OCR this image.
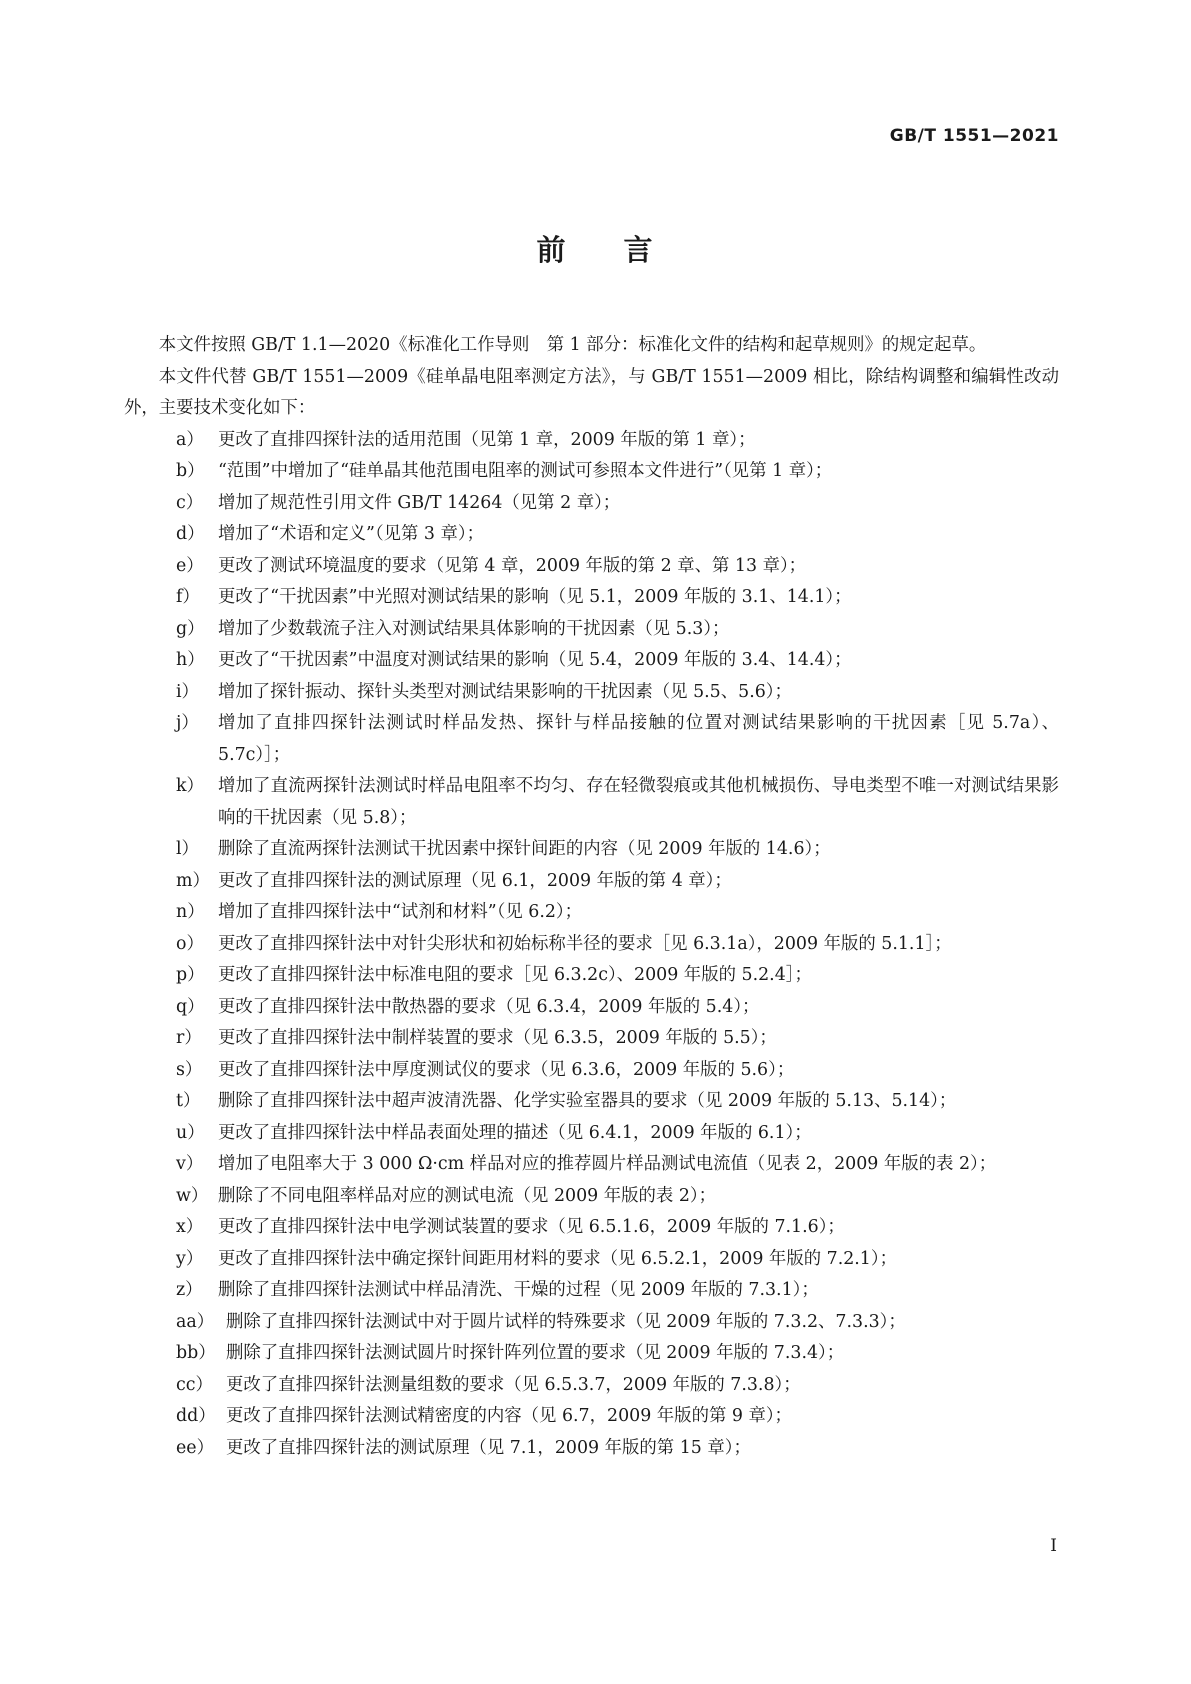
GB/T 1551—2021
前 言

本文件按照 GB/T 1.1—2020《标准化工作导则　第 1 部分：标准化文件的结构和起草规则》的规定起草。

本文件代替 GB/T 1551—2009《硅单晶电阻率测定方法》，与 GB/T 1551—2009 相比，除结构调整和编辑性改动外，主要技术变化如下：

a） 更改了直排四探针法的适用范围（见第 1 章，2009 年版的第 1 章）；
b） “范围”中增加了“硅单晶其他范围电阻率的测试可参照本文件进行”（见第 1 章）；
c） 增加了规范性引用文件 GB/T 14264（见第 2 章）；
d） 增加了“术语和定义”（见第 3 章）；
e） 更改了测试环境温度的要求（见第 4 章，2009 年版的第 2 章、第 13 章）；
f）	更改了“干扰因素”中光照对测试结果的影响（见 5.1，2009 年版的 3.1、14.1）；
g） 增加了少数载流子注入对测试结果具体影响的干扰因素（见 5.3）；
h） 更改了“干扰因素”中温度对测试结果的影响（见 5.4，2009 年版的 3.4、14.4）；
i）	增加了探针振动、探针头类型对测试结果影响的干扰因素（见 5.5、5.6）；
j）	增加了直排四探针法测试时样品发热、探针与样品接触的位置对测试结果影响的干扰因素［见 5.7a）、5.7c）］；
k） 增加了直流两探针法测试时样品电阻率不均匀、存在轻微裂痕或其他机械损伤、导电类型不唯一对测试结果影响的干扰因素（见 5.8）；
l）	删除了直流两探针法测试干扰因素中探针间距的内容（见 2009 年版的 14.6）；
m） 更改了直排四探针法的测试原理（见 6.1，2009 年版的第 4 章）；
n） 增加了直排四探针法中“试剂和材料”（见 6.2）；
o） 更改了直排四探针法中对针尖形状和初始标称半径的要求［见 6.3.1a），2009 年版的 5.1.1］；
p） 更改了直排四探针法中标准电阻的要求［见 6.3.2c）、2009 年版的 5.2.4］；
q） 更改了直排四探针法中散热器的要求（见 6.3.4，2009 年版的 5.4）；
r） 更改了直排四探针法中制样装置的要求（见 6.3.5，2009 年版的 5.5）；
s） 更改了直排四探针法中厚度测试仪的要求（见 6.3.6，2009 年版的 5.6）；
t）	删除了直排四探针法中超声波清洗器、化学实验室器具的要求（见 2009 年版的 5.13、5.14）；
u） 更改了直排四探针法中样品表面处理的描述（见 6.4.1，2009 年版的 6.1）；
v） 增加了电阻率大于 3 000 Ω·cm 样品对应的推荐圆片样品测试电流值（见表 2，2009 年版的表 2）；
w） 删除了不同电阻率样品对应的测试电流（见 2009 年版的表 2）；
x） 更改了直排四探针法中电学测试装置的要求（见 6.5.1.6，2009 年版的 7.1.6）；
y） 更改了直排四探针法中确定探针间距用材料的要求（见 6.5.2.1，2009 年版的 7.2.1）；
z） 删除了直排四探针法测试中样品清洗、干燥的过程（见 2009 年版的 7.3.1）；
aa） 删除了直排四探针法测试中对于圆片试样的特殊要求（见 2009 年版的 7.3.2、7.3.3）；
bb） 删除了直排四探针法测试圆片时探针阵列位置的要求（见 2009 年版的 7.3.4）；
cc） 更改了直排四探针法测量组数的要求（见 6.5.3.7，2009 年版的 7.3.8）；
dd） 更改了直排四探针法测试精密度的内容（见 6.7，2009 年版的第 9 章）；
ee） 更改了直排四探针法的测试原理（见 7.1，2009 年版的第 15 章）；
I
